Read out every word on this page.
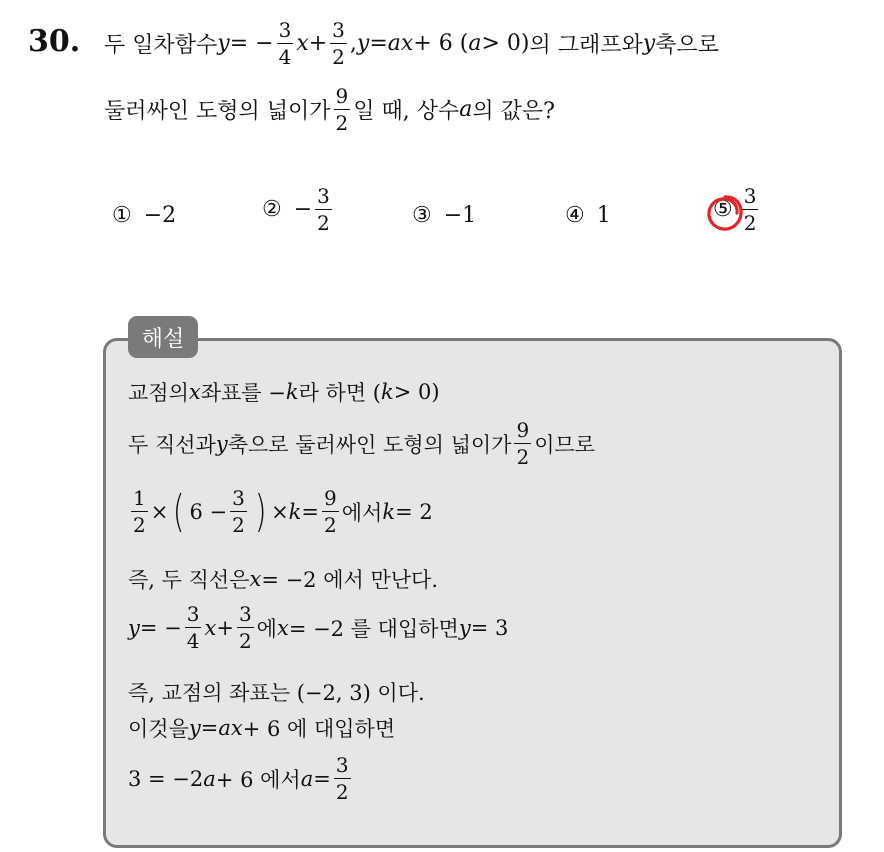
30. 두 일차함수 y = − $\frac{3}{4}$ $x + \frac{3}{2}$ , y = ax + 6 ( a > 0) 의 그래프와 y 축으로
둘러싸인 도형의 넓이가 $\frac{9}{2}$ 일 때, 상수 a 의 값은?
① −2	② − $\frac{3}{2}$	③ −1	④ 1	⑤ $\frac{3}{2}$
해설
교점의 x 좌표를 − k 라 하면 ( k > 0)
두 직선과 y 축으로 둘러싸인 도형의 넓이가 $\frac{9}{2}$ 이므로
$\frac{1}{2}$ × ( $6 - \frac{3}{2}$ ) × $k = \frac{9}{2}$ 에서 k = 2
즉, 두 직선은 x = −2 에서 만난다.
y = − $\frac{3}{4}$ $x + \frac{3}{2}$ 에 x = −2 를 대입하면 y = 3
즉, 교점의 좌표는 (−2, 3) 이다.
이것을 y = ax + 6 에 대입하면
3 = −2 a + 6 에서 $a = \frac{3}{2}$
